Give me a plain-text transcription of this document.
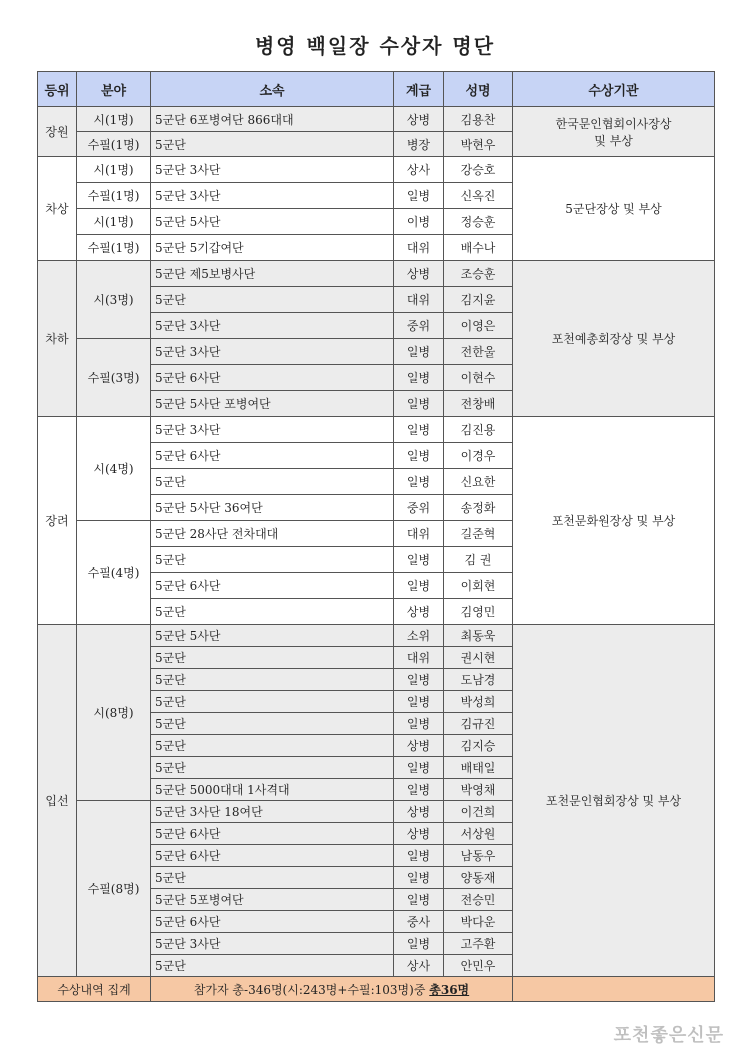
병영 백일장 수상자 명단
등위	분야	소속	계급	성명	수상기관
장원	시(1명)	5군단 6포병여단 866대대	상병	김용찬	한국문인협회이사장상
및 부상

	수필(1명)	5군단	병장	박현우	
차상	시(1명)	5군단 3사단	상사	강승호	5군단장상 및 부상
	수필(1명)	5군단 3사단	일병	신옥진	
	시(1명)	5군단 5사단	이병	정승훈	
	수필(1명)	5군단 5기갑여단	대위	배수나	
차하	시(3명)	5군단 제5보병사단	상병	조승훈	포천예총회장상 및 부상
		5군단	대위	김지윤	
		5군단 3사단	중위	이영은	
	수필(3명)	5군단 3사단	일병	전한울	
		5군단 6사단	일병	이현수	
		5군단 5사단 포병여단	일병	전창배	
장려	시(4명)	5군단 3사단	일병	김진용	포천문화원장상 및 부상
		5군단 6사단	일병	이경우	
		5군단	일병	신요한	
		5군단 5사단 36여단	중위	송정화	
	수필(4명)	5군단 28사단 전차대대	대위	길준혁	
		5군단	일병	김 권	
		5군단 6사단	일병	이회현	
		5군단	상병	김영민	
입선	시(8명)	5군단 5사단	소위	최동욱	포천문인협회장상 및 부상
		5군단	대위	권시현	
		5군단	일병	도남경	
		5군단	일병	박성희	
		5군단	일병	김규진	
		5군단	상병	김지승	
		5군단	일병	배태일	
		5군단 5000대대 1사격대	일병	박영채	
	수필(8명)	5군단 3사단 18여단	상병	이건희	
		5군단 6사단	상병	서상원	
		5군단 6사단	일병	남동우	
		5군단	일병	양동재	
		5군단 5포병여단	일병	전승민	
		5군단 6사단	중사	박다운	
		5군단 3사단	일병	고주환	
		5군단	상사	안민우	
수상내역 집계		참가자 총-346명(시:243명+수필:103명)중 총36명			
포천좋은신문
